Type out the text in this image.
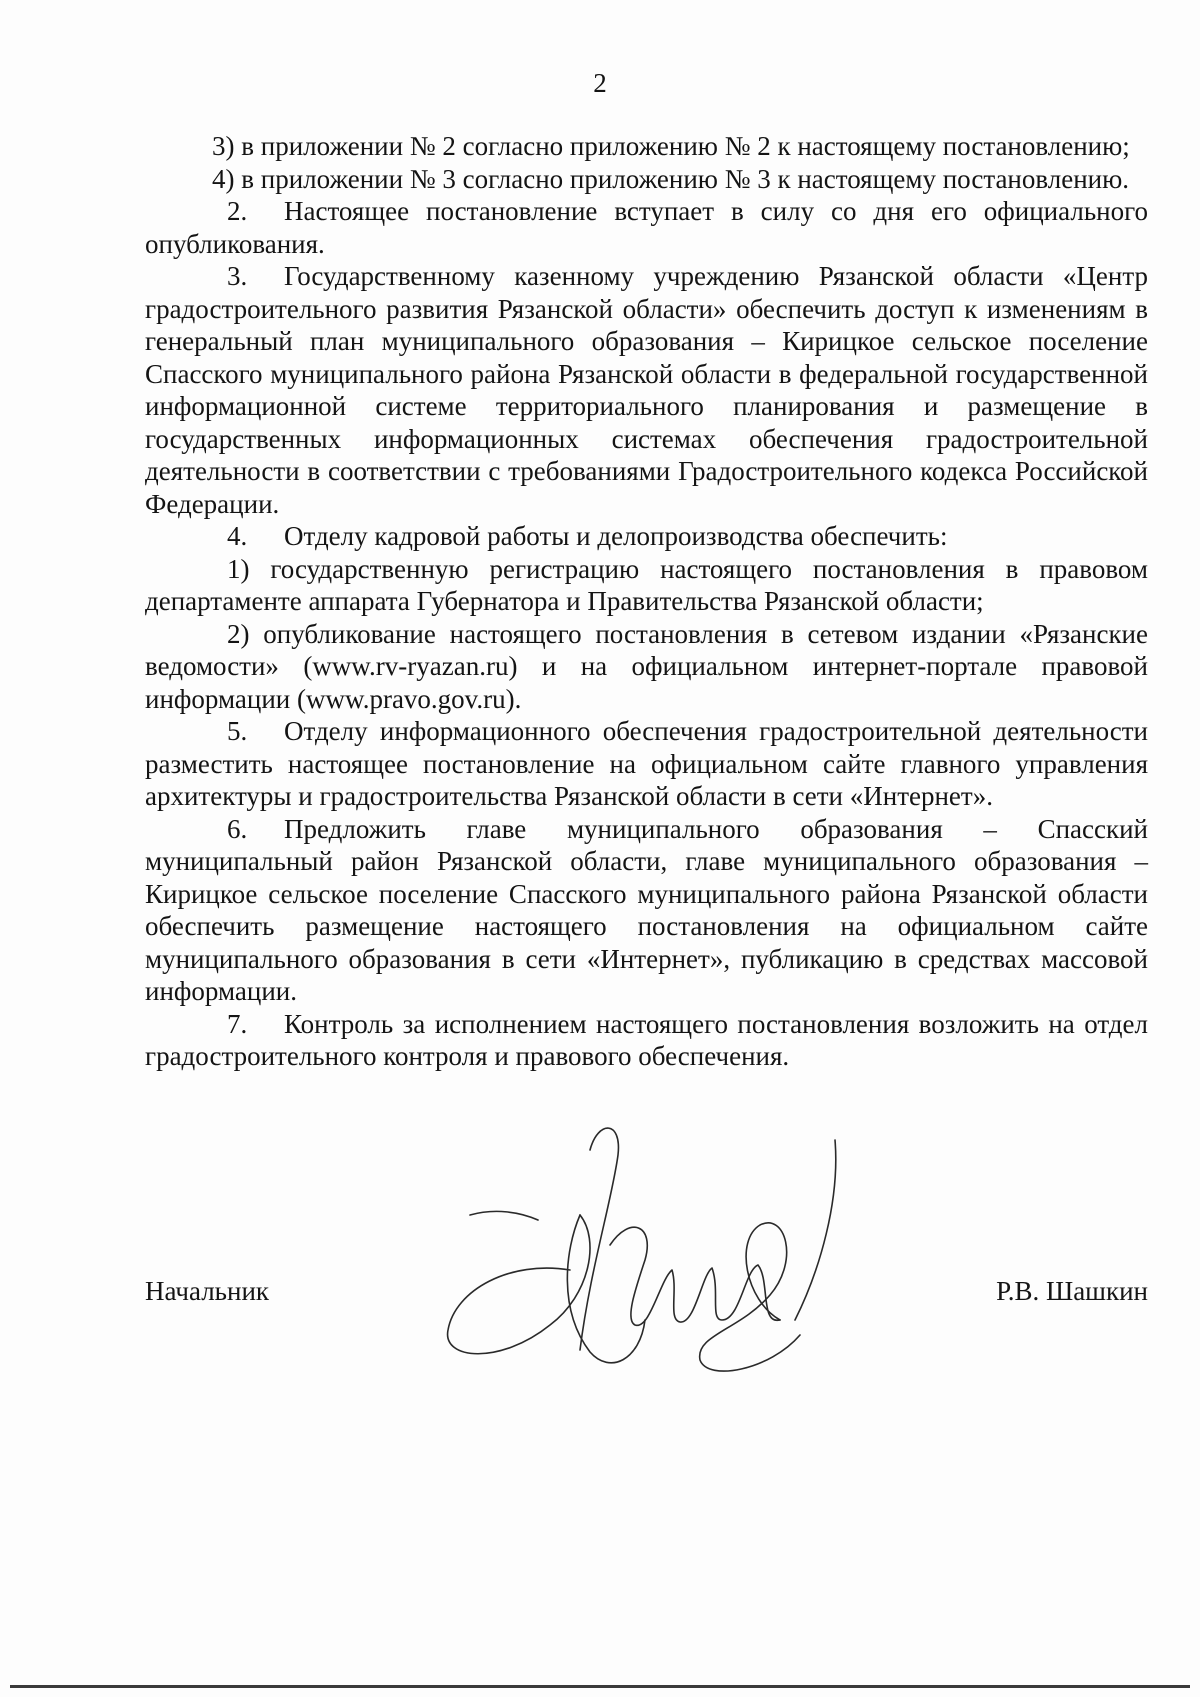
2

3) в приложении № 2 согласно приложению № 2 к настоящему постановлению;

4) в приложении № 3 согласно приложению № 3 к настоящему постановлению.

2. Настоящее постановление вступает в силу со дня его официального опубликования.

3. Государственному казенному учреждению Рязанской области «Центр градостроительного развития Рязанской области» обеспечить доступ к изменениям в генеральный план муниципального образования – Кирицкое сельское поселение Спасского муниципального района Рязанской области в федеральной государственной информационной системе территориального планирования и размещение в государственных информационных системах обеспечения градостроительной деятельности в соответствии с требованиями Градостроительного кодекса Российской Федерации.

4. Отделу кадровой работы и делопроизводства обеспечить:

1) государственную регистрацию настоящего постановления в правовом департаменте аппарата Губернатора и Правительства Рязанской области;

2) опубликование настоящего постановления в сетевом издании «Рязанские ведомости» (www.rv-ryazan.ru) и на официальном интернет-портале правовой информации (www.pravo.gov.ru).

5. Отделу информационного обеспечения градостроительной деятельности разместить настоящее постановление на официальном сайте главного управления архитектуры и градостроительства Рязанской области в сети «Интернет».

6. Предложить главе муниципального образования – Спасский муниципальный район Рязанской области, главе муниципального образования – Кирицкое сельское поселение Спасского муниципального района Рязанской области обеспечить размещение настоящего постановления на официальном сайте муниципального образования в сети «Интернет», публикацию в средствах массовой информации.

7. Контроль за исполнением настоящего постановления возложить на отдел градостроительного контроля и правового обеспечения.

Начальник	Р.В. Шашкин
